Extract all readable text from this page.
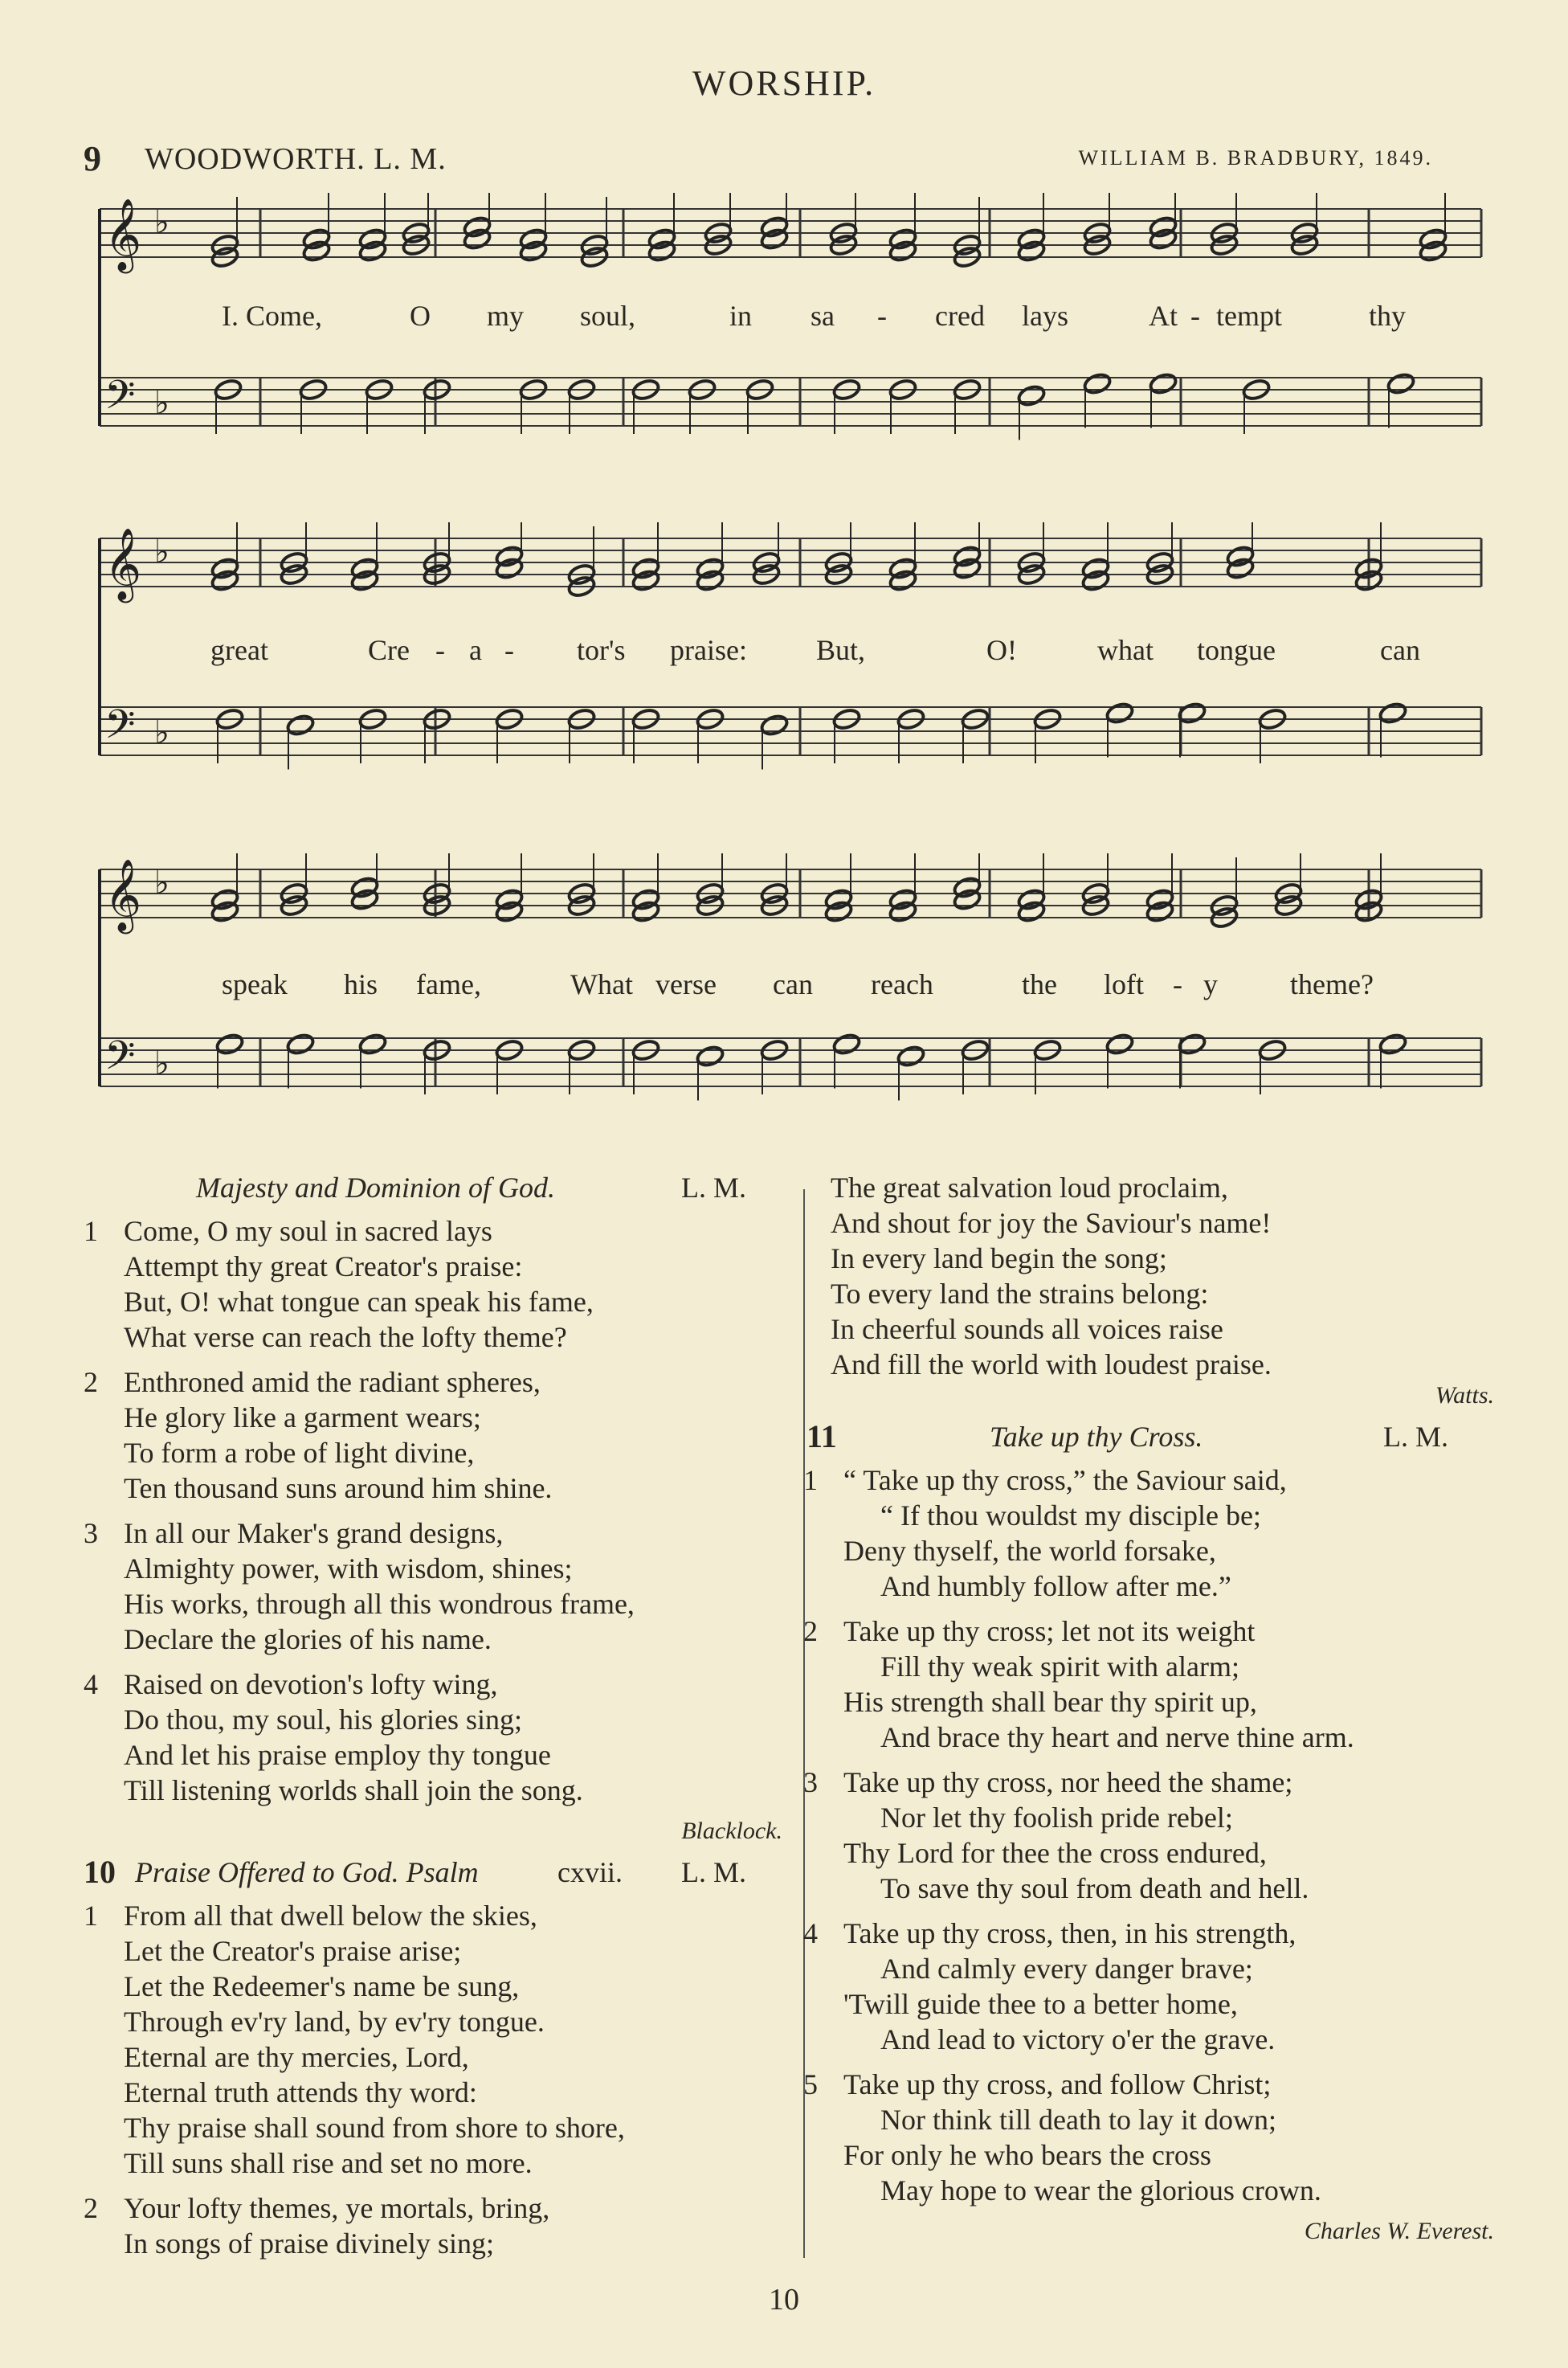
WORSHIP.
9 WOODWORTH. L. M.	WILLIAM B. BRADBURY, 1849.
𝄞
𝄢
♭
♭
I. Come,	O my soul,	in sa - cred lays	At - tempt	thy
𝄞
𝄢
♭
♭
great	Cre - a - tor's praise: But,	O!	what tongue	can
𝄞
𝄢
♭
♭
speak his fame,	What verse can reach	the loft - y	theme?
Majesty and Dominion of God.	L. M.
1 Come, O my soul in sacred lays
Attempt thy great Creator's praise:
But, O! what tongue can speak his fame,
What verse can reach the lofty theme?
2 Enthroned amid the radiant spheres,
He glory like a garment wears;
To form a robe of light divine,
Ten thousand suns around him shine.
3 In all our Maker's grand designs,
Almighty power, with wisdom, shines;
His works, through all this wondrous frame,
Declare the glories of his name.
4 Raised on devotion's lofty wing,
Do thou, my soul, his glories sing;
And let his praise employ thy tongue
Till listening worlds shall join the song.
Blacklock.
10 Praise Offered to God. Psalm	cxvii. L. M.
1 From all that dwell below the skies,
Let the Creator's praise arise;
Let the Redeemer's name be sung,
Through ev'ry land, by ev'ry tongue.
Eternal are thy mercies, Lord,
Eternal truth attends thy word:
Thy praise shall sound from shore to shore,
Till suns shall rise and set no more.
2 Your lofty themes, ye mortals, bring,
In songs of praise divinely sing;
The great salvation loud proclaim,
And shout for joy the Saviour's name!
In every land begin the song;
To every land the strains belong:
In cheerful sounds all voices raise
And fill the world with loudest praise.
Watts.
11	Take up thy Cross.	L. M.
1 “ Take up thy cross,” the Saviour said,
“ If thou wouldst my disciple be;
Deny thyself, the world forsake,
And humbly follow after me.”
2 Take up thy cross; let not its weight
Fill thy weak spirit with alarm;
His strength shall bear thy spirit up,
And brace thy heart and nerve thine arm.
3 Take up thy cross, nor heed the shame;
Nor let thy foolish pride rebel;
Thy Lord for thee the cross endured,
To save thy soul from death and hell.
4 Take up thy cross, then, in his strength,
And calmly every danger brave;
'Twill guide thee to a better home,
And lead to victory o'er the grave.
5 Take up thy cross, and follow Christ;
Nor think till death to lay it down;
For only he who bears the cross
May hope to wear the glorious crown.
Charles W. Everest.
10
